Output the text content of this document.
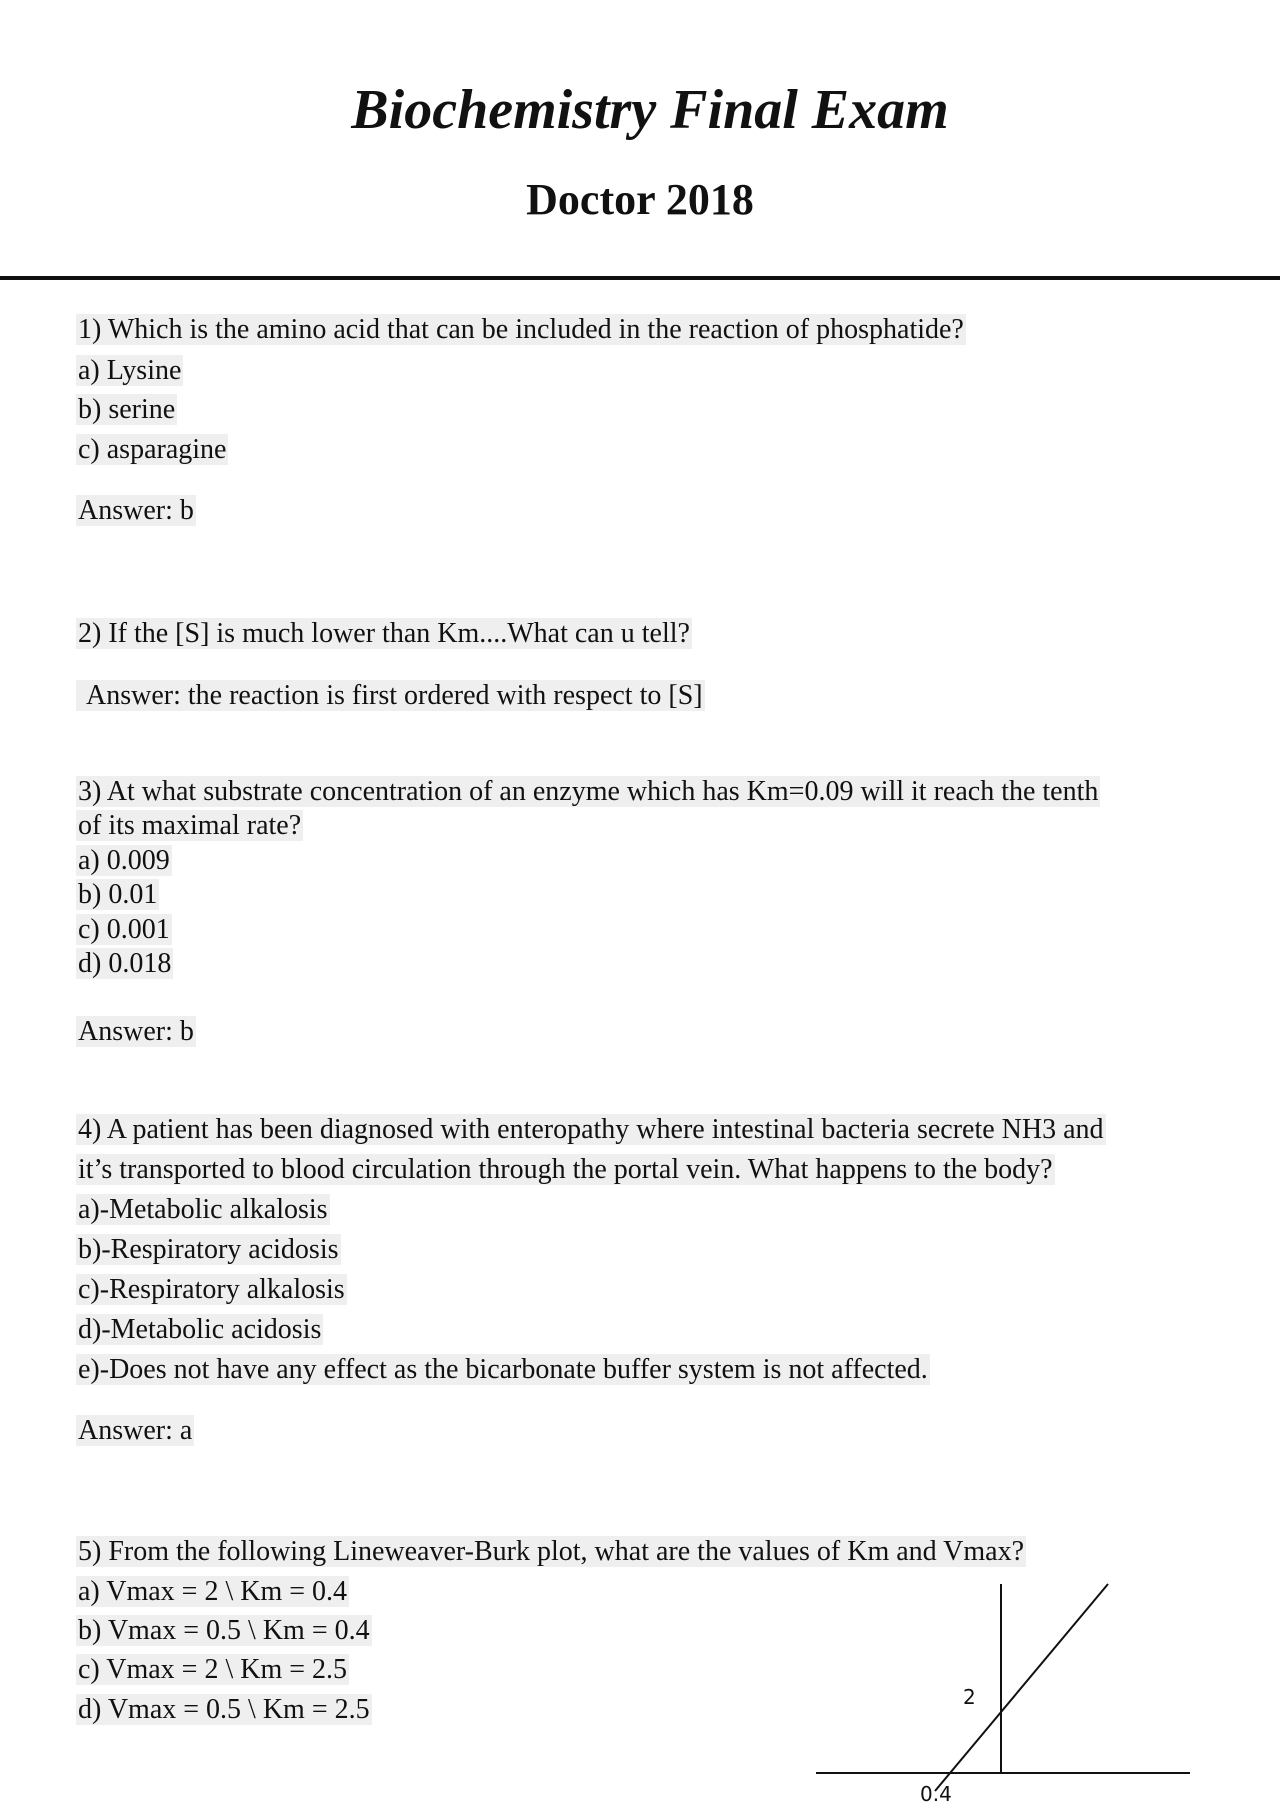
Biochemistry Final Exam
Doctor 2018
1) Which is the amino acid that can be included in the reaction of phosphatide?
a) Lysine
b) serine
c) asparagine
Answer: b
2) If the [S] is much lower than Km....What can u tell?
Answer: the reaction is first ordered with respect to [S]
3) At what substrate concentration of an enzyme which has Km=0.09 will it reach the tenth
of its maximal rate?
a) 0.009
b) 0.01
c) 0.001
d) 0.018
Answer: b
4) A patient has been diagnosed with enteropathy where intestinal bacteria secrete NH3 and
it’s transported to blood circulation through the portal vein. What happens to the body?
a)-Metabolic alkalosis
b)-Respiratory acidosis
c)-Respiratory alkalosis
d)-Metabolic acidosis
e)-Does not have any effect as the bicarbonate buffer system is not affected.
Answer: a
5) From the following Lineweaver-Burk plot, what are the values of Km and Vmax?
a) Vmax = 2 \ Km = 0.4
b) Vmax = 0.5 \ Km = 0.4
c) Vmax = 2 \ Km = 2.5
d) Vmax = 0.5 \ Km = 2.5	2
0.4
